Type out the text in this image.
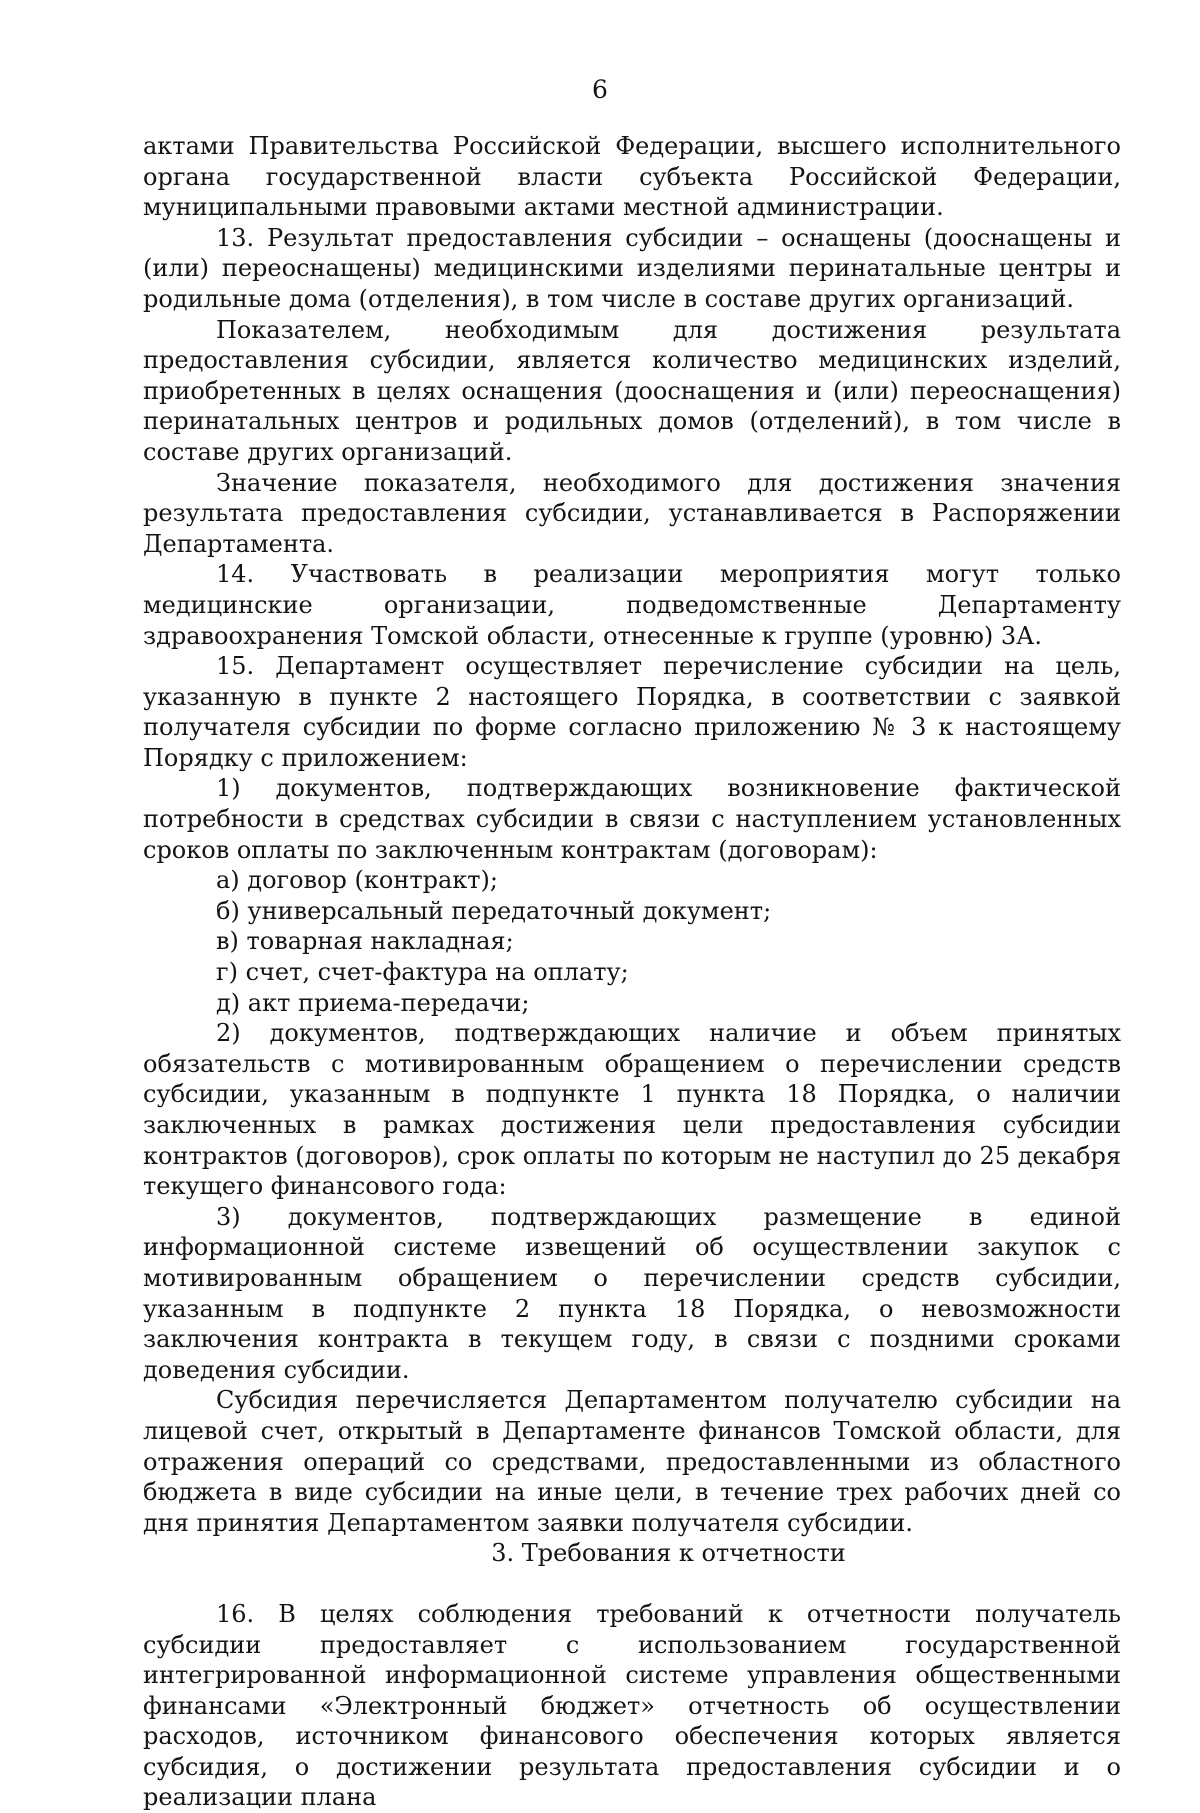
6

актами Правительства Российской Федерации, высшего исполнительного органа государственной власти субъекта Российской Федерации, муниципальными правовыми актами местной администрации.

13. Результат предоставления субсидии – оснащены (дооснащены и (или) переоснащены) медицинскими изделиями перинатальные центры и родильные дома (отделения), в том числе в составе других организаций.

Показателем, необходимым для достижения результата предоставления субсидии, является количество медицинских изделий, приобретенных в целях оснащения (дооснащения и (или) переоснащения) перинатальных центров и родильных домов (отделений), в том числе в составе других организаций.

Значение показателя, необходимого для достижения значения результата предоставления субсидии, устанавливается в Распоряжении Департамента.

14. Участвовать в реализации мероприятия могут только медицинские организации, подведомственные Департаменту здравоохранения Томской области, отнесенные к группе (уровню) 3А.

15. Департамент осуществляет перечисление субсидии на цель, указанную в пункте 2 настоящего Порядка, в соответствии с заявкой получателя субсидии по форме согласно приложению № 3 к настоящему Порядку с приложением:

1) документов, подтверждающих возникновение фактической потребности в средствах субсидии в связи с наступлением установленных сроков оплаты по заключенным контрактам (договорам):

а) договор (контракт);

б) универсальный передаточный документ;

в) товарная накладная;

г) счет, счет-фактура на оплату;

д) акт приема-передачи;

2) документов, подтверждающих наличие и объем принятых обязательств с мотивированным обращением о перечислении средств субсидии, указанным в подпункте 1 пункта 18 Порядка, о наличии заключенных в рамках достижения цели предоставления субсидии контрактов (договоров), срок оплаты по которым не наступил до 25 декабря текущего финансового года:

3) документов, подтверждающих размещение в единой информационной системе извещений об осуществлении закупок с мотивированным обращением о перечислении средств субсидии, указанным в подпункте 2 пункта 18 Порядка, о невозможности заключения контракта в текущем году, в связи с поздними сроками доведения субсидии.

Субсидия перечисляется Департаментом получателю субсидии на лицевой счет, открытый в Департаменте финансов Томской области, для отражения операций со средствами, предоставленными из областного бюджета в виде субсидии на иные цели, в течение трех рабочих дней со дня принятия Департаментом заявки получателя субсидии.

3. Требования к отчетности

16. В целях соблюдения требований к отчетности получатель субсидии предоставляет с использованием государственной интегрированной информационной системе управления общественными финансами «Электронный бюджет» отчетность об осуществлении расходов, источником финансового обеспечения которых является субсидия, о достижении результата предоставления субсидии и о реализации плана
